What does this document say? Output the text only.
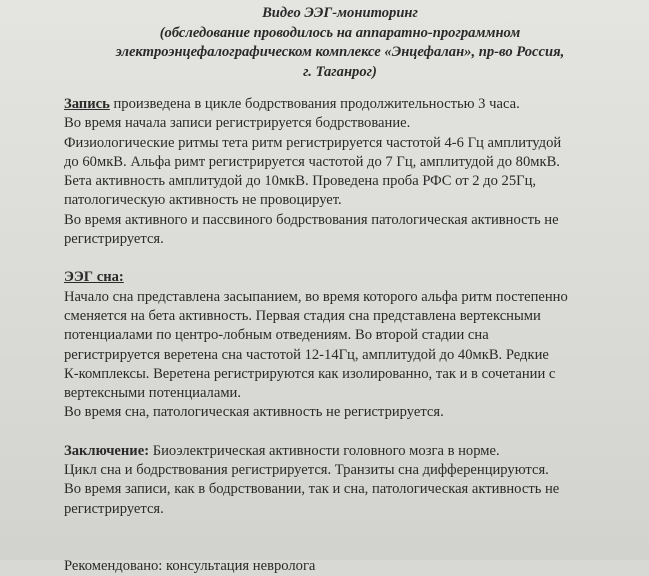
Видео ЭЭГ-мониторинг
(обследование проводилось на аппаратно-программном
электроэнцефалографическом комплексе «Энцефалан», пр-во Россия,
г. Таганрог)

Запись произведена в цикле бодрствования продолжительностью 3 часа.

Во время начала записи регистрируется бодрствование.

Физиологические ритмы тета ритм регистрируется частотой 4-6 Гц амплитудой

до 60мкВ. Альфа римт регистрируется частотой до 7 Гц, амплитудой до 80мкВ.

Бета активность амплитудой до 10мкВ. Проведена проба РФС от 2 до 25Гц,

патологическую активность не провоцирует.

Во время активного и пассвиного бодрствования патологическая активность не

регистрируется.

ЭЭГ сна:

Начало сна представлена засыпанием, во время которого альфа ритм постепенно

сменяется на бета активность. Первая стадия сна представлена вертексными

потенциалами по центро-лобным отведениям. Во второй стадии сна

регистрируется веретена сна частотой 12-14Гц, амплитудой до 40мкВ. Редкие

К-комплексы. Веретена регистрируются как изолированно, так и в сочетании с

вертексными потенциалами.

Во время сна, патологическая активность не регистрируется.

Заключение: Биоэлектрическая активности головного мозга в норме.

Цикл сна и бодрствования регистрируется. Транзиты сна дифференцируются.

Во время записи, как в бодрствовании, так и сна, патологическая активность не

регистрируется.

Рекомендовано: консультация невролога
